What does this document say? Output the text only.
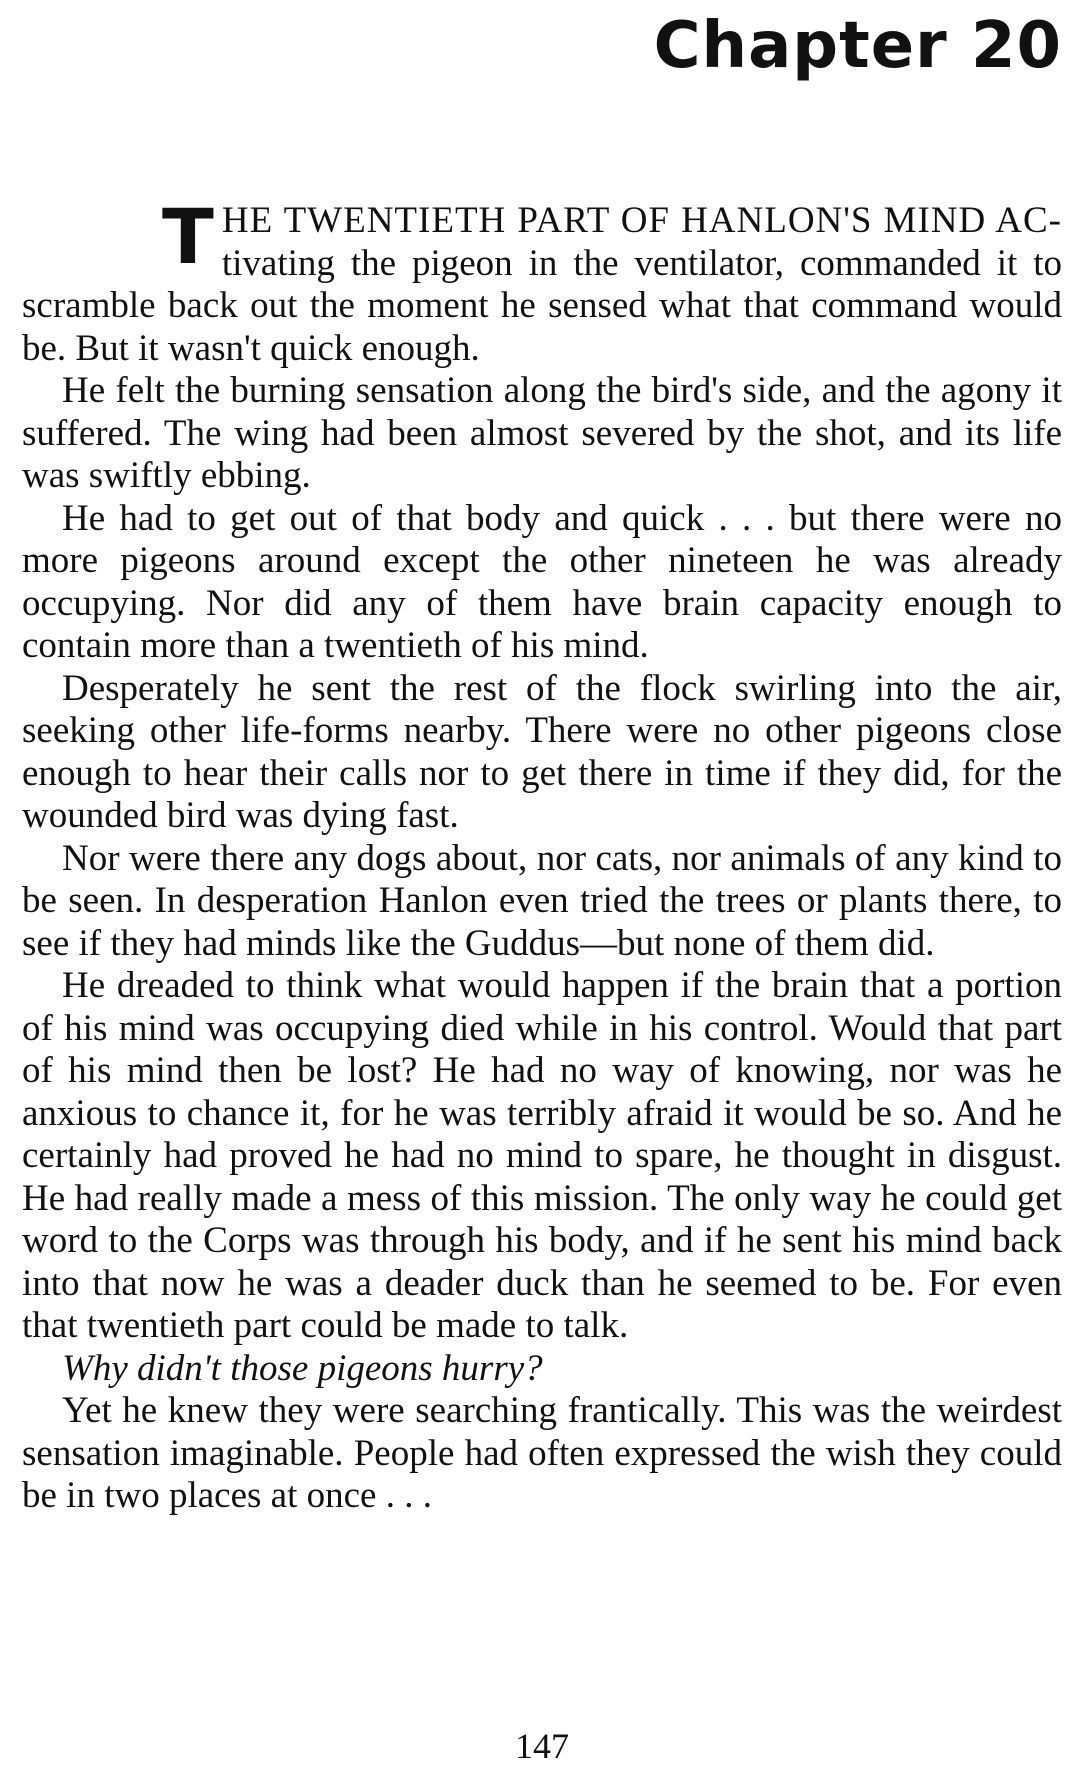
Chapter 20

THE TWENTIETH PART OF HANLON'S MIND AC- tivating the pigeon in the ventilator, commanded it to scramble back out the moment he sensed what that command would be. But it wasn't quick enough.

He felt the burning sensation along the bird's side, and the agony it suffered. The wing had been almost severed by the shot, and its life was swiftly ebbing.

He had to get out of that body and quick . . . but there were no more pigeons around except the other nineteen he was already occupying. Nor did any of them have brain capacity enough to contain more than a twentieth of his mind.

Desperately he sent the rest of the flock swirling into the air, seeking other life-forms nearby. There were no other pigeons close enough to hear their calls nor to get there in time if they did, for the wounded bird was dying fast.

Nor were there any dogs about, nor cats, nor animals of any kind to be seen. In desperation Hanlon even tried the trees or plants there, to see if they had minds like the Guddus—but none of them did.

He dreaded to think what would happen if the brain that a portion of his mind was occupying died while in his control. Would that part of his mind then be lost? He had no way of knowing, nor was he anxious to chance it, for he was terribly afraid it would be so. And he certainly had proved he had no mind to spare, he thought in disgust. He had really made a mess of this mission. The only way he could get word to the Corps was through his body, and if he sent his mind back into that now he was a deader duck than he seemed to be. For even that twentieth part could be made to talk.

Why didn't those pigeons hurry?

Yet he knew they were searching frantically. This was the weirdest sensation imaginable. People had often expressed the wish they could be in two places at once . . .

147
